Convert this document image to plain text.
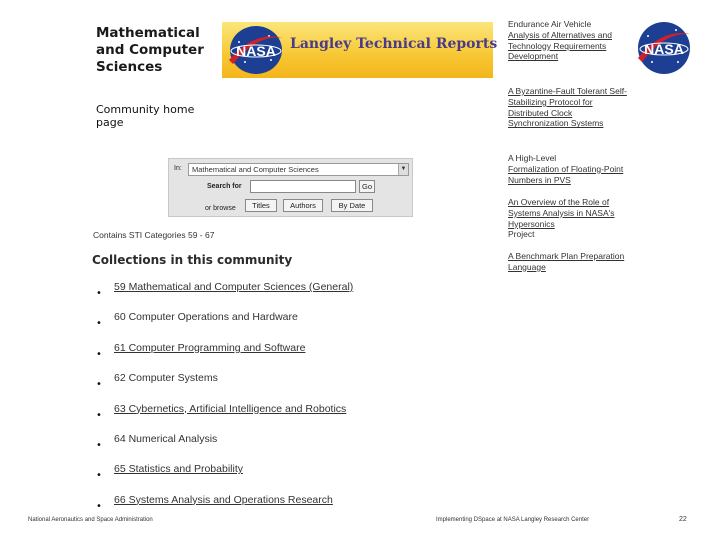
Mathematical and Computer Sciences
Community home page
NASA Langley Technical Reports
In:	Mathematical and Computer Sciences	▼
Search for	Go
or browse	Titles	Authors	By Date
Contains STI Categories 59 - 67
Collections in this community
•
59 Mathematical and Computer Sciences (General)
•
60 Computer Operations and Hardware
•
61 Computer Programming and Software
•
62 Computer Systems
•
63 Cybernetics, Artificial Intelligence and Robotics
•
64 Numerical Analysis
•
65 Statistics and Probability
•
66 Systems Analysis and Operations Research
Endurance Air Vehicle
Analysis of Alternatives and Technology Requirements Development
A Byzantine-Fault Tolerant Self-Stabilizing Protocol for Distributed Clock Synchronization Systems
A High-Level
Formalization of Floating-Point Numbers in PVS
An Overview of the Role of Systems Analysis in NASA's Hypersonics
Project
A Benchmark Plan Preparation Language
NASA
National Aeronautics and Space Administration	Implementing DSpace at NASA Langley Research Center	22
